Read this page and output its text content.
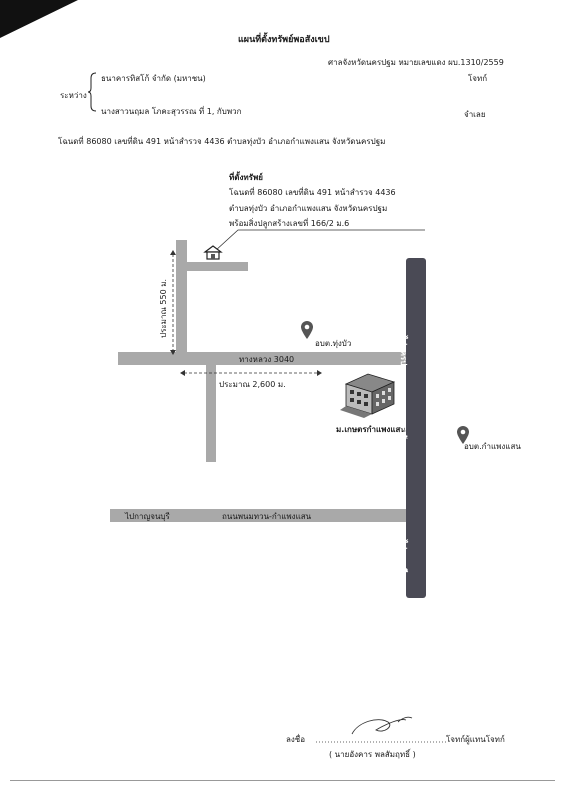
แผนที่ตั้งทรัพย์พอสังเขป
ศาลจังหวัดนครปฐม หมายเลขแดง ผบ.1310/2559
ธนาคารทิสโก้ จำกัด (มหาชน)	โจทก์
ระหว่าง
นางสาวนฤมล โภคะสุวรรณ ที่ 1, กับพวก	จำเลย
โฉนดที่ 86080 เลขที่ดิน 491 หน้าสำรวจ 4436 ตำบลทุ่งบัว อำเภอกำแพงแสน จังหวัดนครปฐม
ที่ตั้งทรัพย์
โฉนดที่ 86080 เลขที่ดิน 491 หน้าสำรวจ 4436
ตำบลทุ่งบัว อำเภอกำแพงแสน จังหวัดนครปฐม
พร้อมสิ่งปลูกสร้างเลขที่ 166/2 ม.6
ประมาณ 550 ม.
ประมาณ 2,600 ม.
ทางหลวง 3040
อบต.ทุ่งบัว
อบต.กำแพงแสน
ม.เกษตรกำแพงแสน
ไปนครปฐม
ถนนมาลัยแมน
ไปราชบุรี
ไปกาญจนบุรี	ถนนพนมทวน-กำแพงแสน
ลงชื่อ	โจทก์ผู้แทนโจทก์
( นายอังคาร พลสัมฤทธิ์ )
